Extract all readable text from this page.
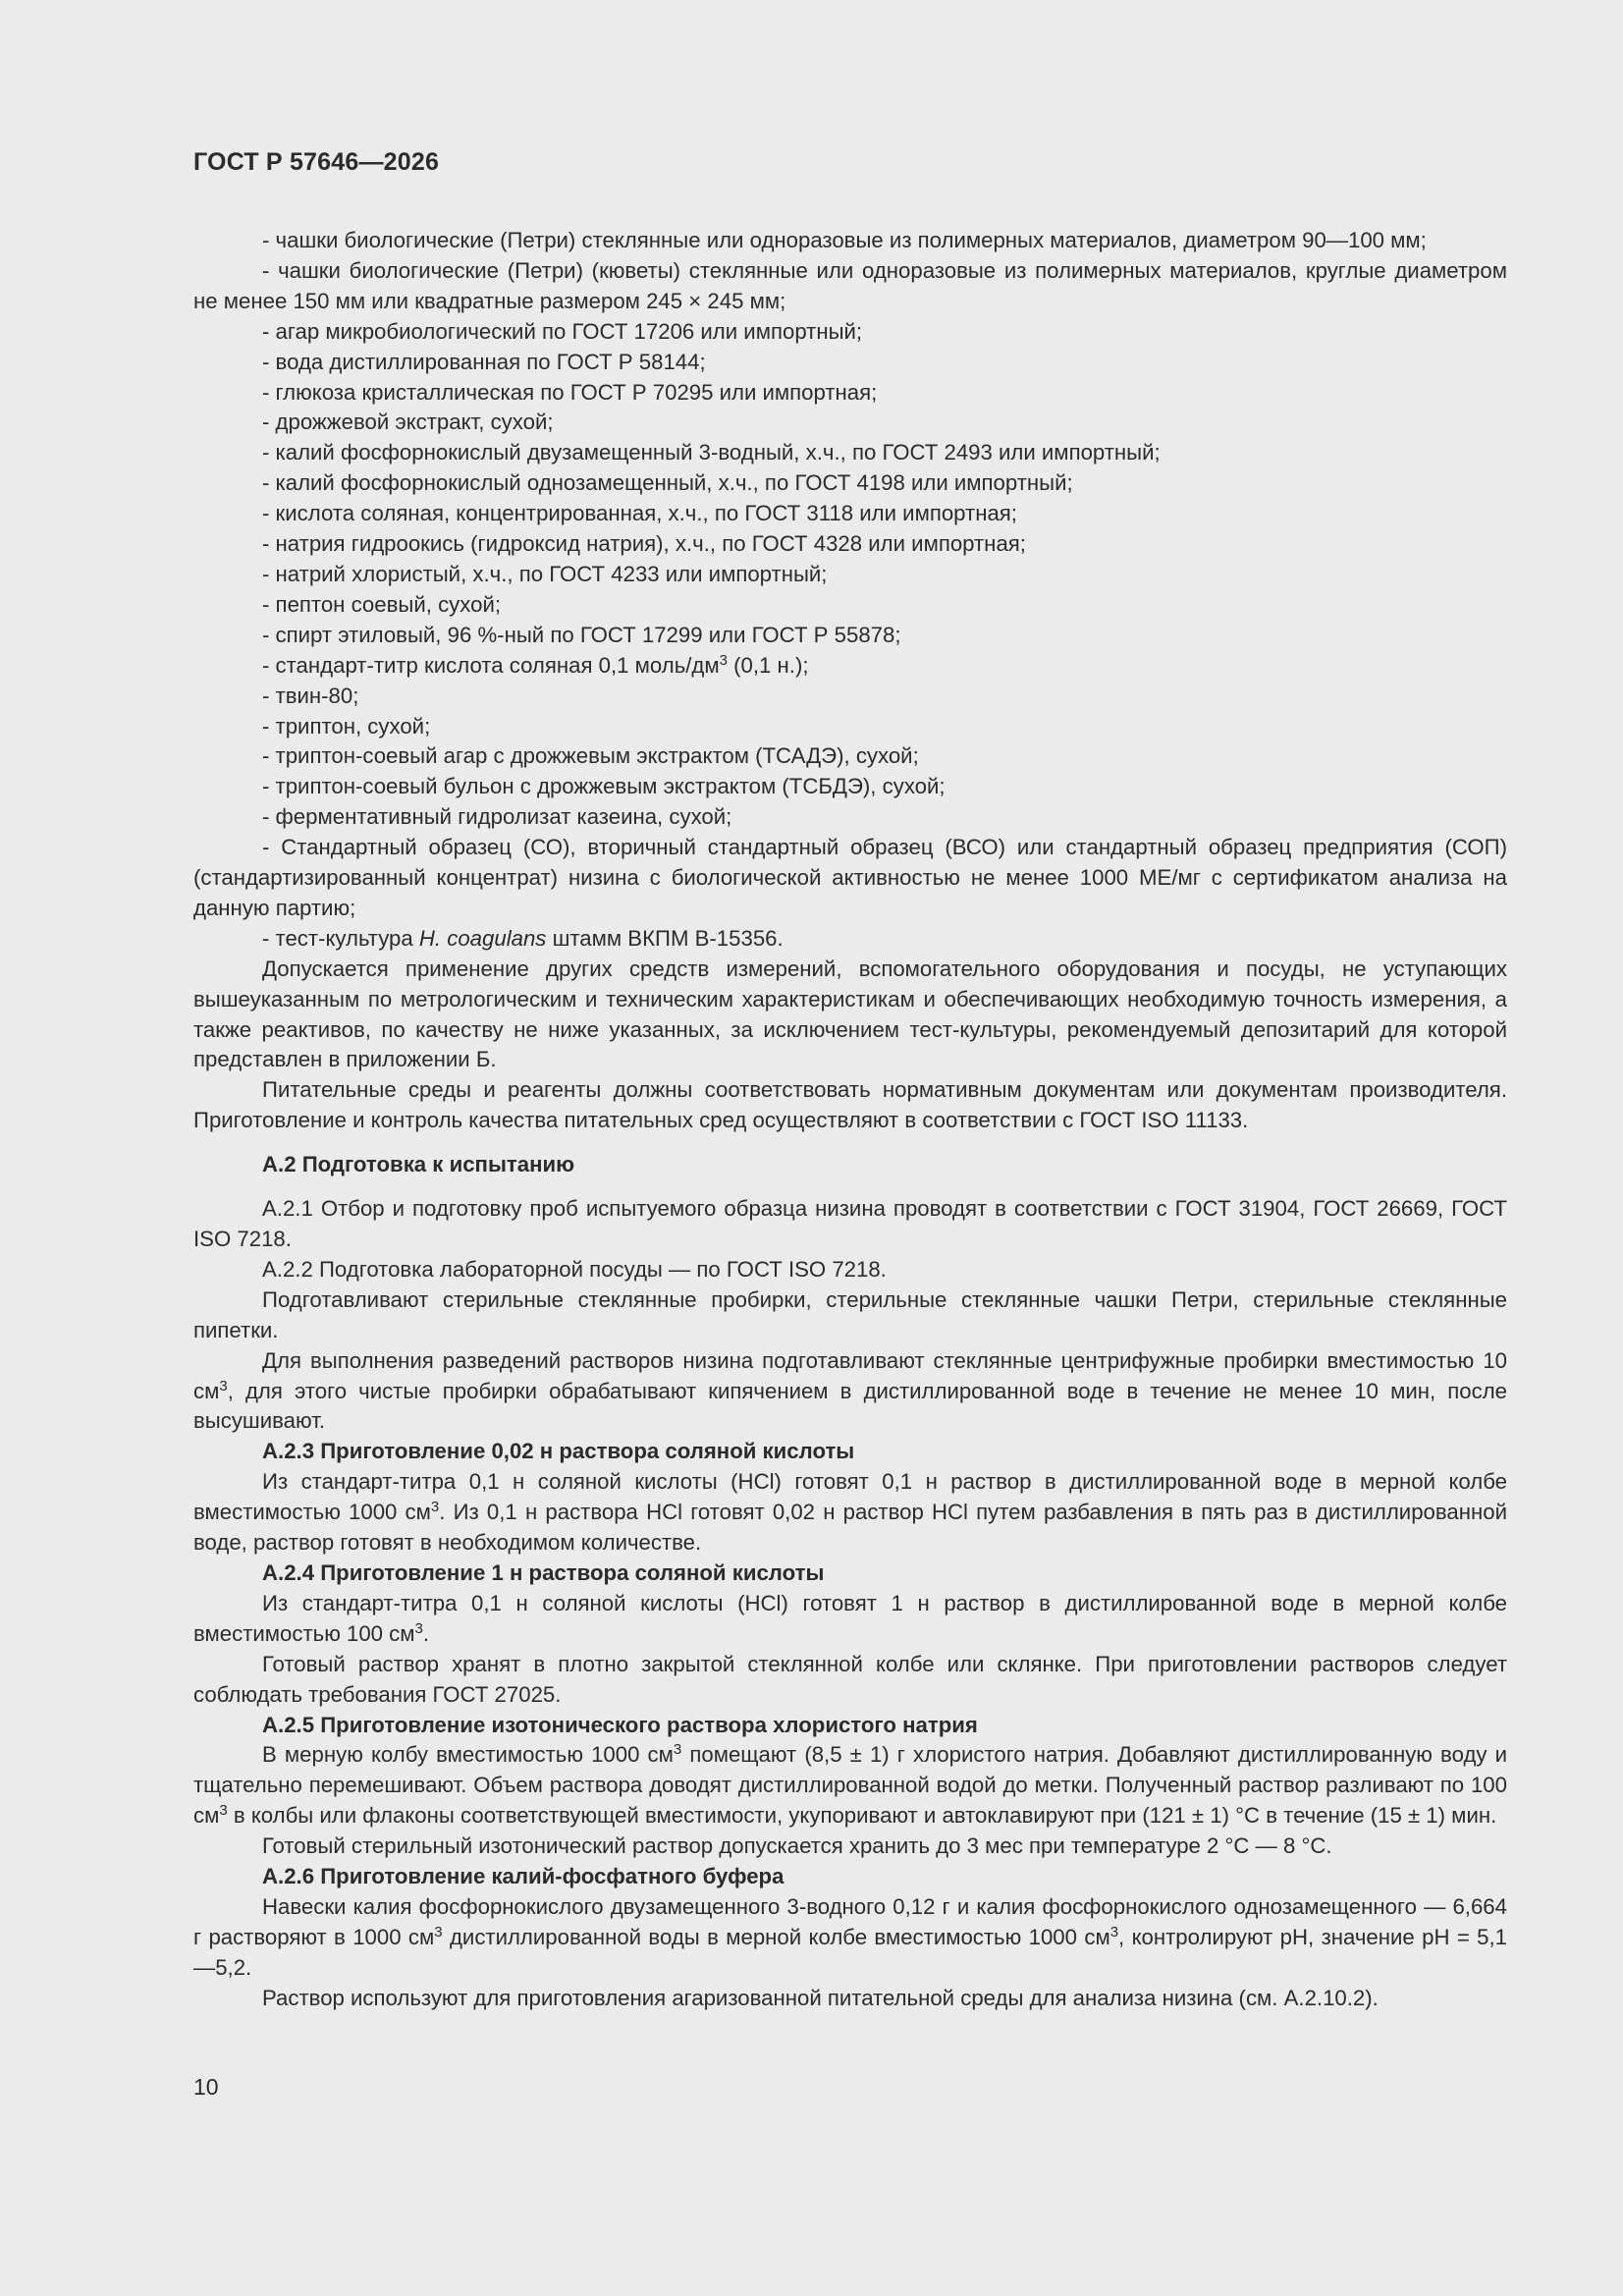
ГОСТ Р 57646—2026

- чашки биологические (Петри) стеклянные или одноразовые из полимерных материалов, диаметром 90—100 мм;

- чашки биологические (Петри) (кюветы) стеклянные или одноразовые из полимерных материалов, круглые диаметром не менее 150 мм или квадратные размером 245 × 245 мм;

- агар микробиологический по ГОСТ 17206 или импортный;

- вода дистиллированная по ГОСТ Р 58144;

- глюкоза кристаллическая по ГОСТ Р 70295 или импортная;

- дрожжевой экстракт, сухой;

- калий фосфорнокислый двузамещенный 3-водный, х.ч., по ГОСТ 2493 или импортный;

- калий фосфорнокислый однозамещенный, х.ч., по ГОСТ 4198 или импортный;

- кислота соляная, концентрированная, х.ч., по ГОСТ 3118 или импортная;

- натрия гидроокись (гидроксид натрия), х.ч., по ГОСТ 4328 или импортная;

- натрий хлористый, х.ч., по ГОСТ 4233 или импортный;

- пептон соевый, сухой;

- спирт этиловый, 96 %-ный по ГОСТ 17299 или ГОСТ Р 55878;

- стандарт-титр кислота соляная 0,1 моль/$дм^3$ (0,1 н.);

- твин-80;

- триптон, сухой;

- триптон-соевый агар с дрожжевым экстрактом (ТСАДЭ), сухой;

- триптон-соевый бульон с дрожжевым экстрактом (ТСБДЭ), сухой;

- ферментативный гидролизат казеина, сухой;

- Стандартный образец (СО), вторичный стандартный образец (ВСО) или стандартный образец предприятия (СОП) (стандартизированный концентрат) низина с биологической активностью не менее 1000 МЕ/мг с сертификатом анализа на данную партию;

- тест-культура H. coagulans штамм ВКПМ В-15356.

Допускается применение других средств измерений, вспомогательного оборудования и посуды, не уступающих вышеуказанным по метрологическим и техническим характеристикам и обеспечивающих необходимую точность измерения, а также реактивов, по качеству не ниже указанных, за исключением тест-культуры, рекомендуемый депозитарий для которой представлен в приложении Б.

Питательные среды и реагенты должны соответствовать нормативным документам или документам производителя. Приготовление и контроль качества питательных сред осуществляют в соответствии с ГОСТ ISO 11133.

А.2 Подготовка к испытанию

А.2.1 Отбор и подготовку проб испытуемого образца низина проводят в соответствии с ГОСТ 31904, ГОСТ 26669, ГОСТ ISO 7218.

А.2.2 Подготовка лабораторной посуды — по ГОСТ ISO 7218.

Подготавливают стерильные стеклянные пробирки, стерильные стеклянные чашки Петри, стерильные стеклянные пипетки.

Для выполнения разведений растворов низина подготавливают стеклянные центрифужные пробирки вместимостью 10 $см^3$, для этого чистые пробирки обрабатывают кипячением в дистиллированной воде в течение не менее 10 мин, после высушивают.

А.2.3 Приготовление 0,02 н раствора соляной кислоты

Из стандарт-титра 0,1 н соляной кислоты (HCl) готовят 0,1 н раствор в дистиллированной воде в мерной колбе вместимостью 1000 $см^3$. Из 0,1 н раствора HCl готовят 0,02 н раствор HCl путем разбавления в пять раз в дистиллированной воде, раствор готовят в необходимом количестве.

А.2.4 Приготовление 1 н раствора соляной кислоты

Из стандарт-титра 0,1 н соляной кислоты (HCl) готовят 1 н раствор в дистиллированной воде в мерной колбе вместимостью 100 $см^3$.

Готовый раствор хранят в плотно закрытой стеклянной колбе или склянке. При приготовлении растворов следует соблюдать требования ГОСТ 27025.

А.2.5 Приготовление изотонического раствора хлористого натрия

В мерную колбу вместимостью 1000 $см^3$ помещают (8,5 ± 1) г хлористого натрия. Добавляют дистиллированную воду и тщательно перемешивают. Объем раствора доводят дистиллированной водой до метки. Полученный раствор разливают по 100 $см^3$ в колбы или флаконы соответствующей вместимости, укупоривают и автоклавируют при (121 ± 1) °С в течение (15 ± 1) мин.

Готовый стерильный изотонический раствор допускается хранить до 3 мес при температуре 2 °С — 8 °С.

А.2.6 Приготовление калий-фосфатного буфера

Навески калия фосфорнокислого двузамещенного 3-водного 0,12 г и калия фосфорнокислого однозамещенного — 6,664 г растворяют в 1000 $см^3$ дистиллированной воды в мерной колбе вместимостью 1000 $см^3$, контролируют pH, значение pH = 5,1—5,2.

Раствор используют для приготовления агаризованной питательной среды для анализа низина (см. А.2.10.2).

10
